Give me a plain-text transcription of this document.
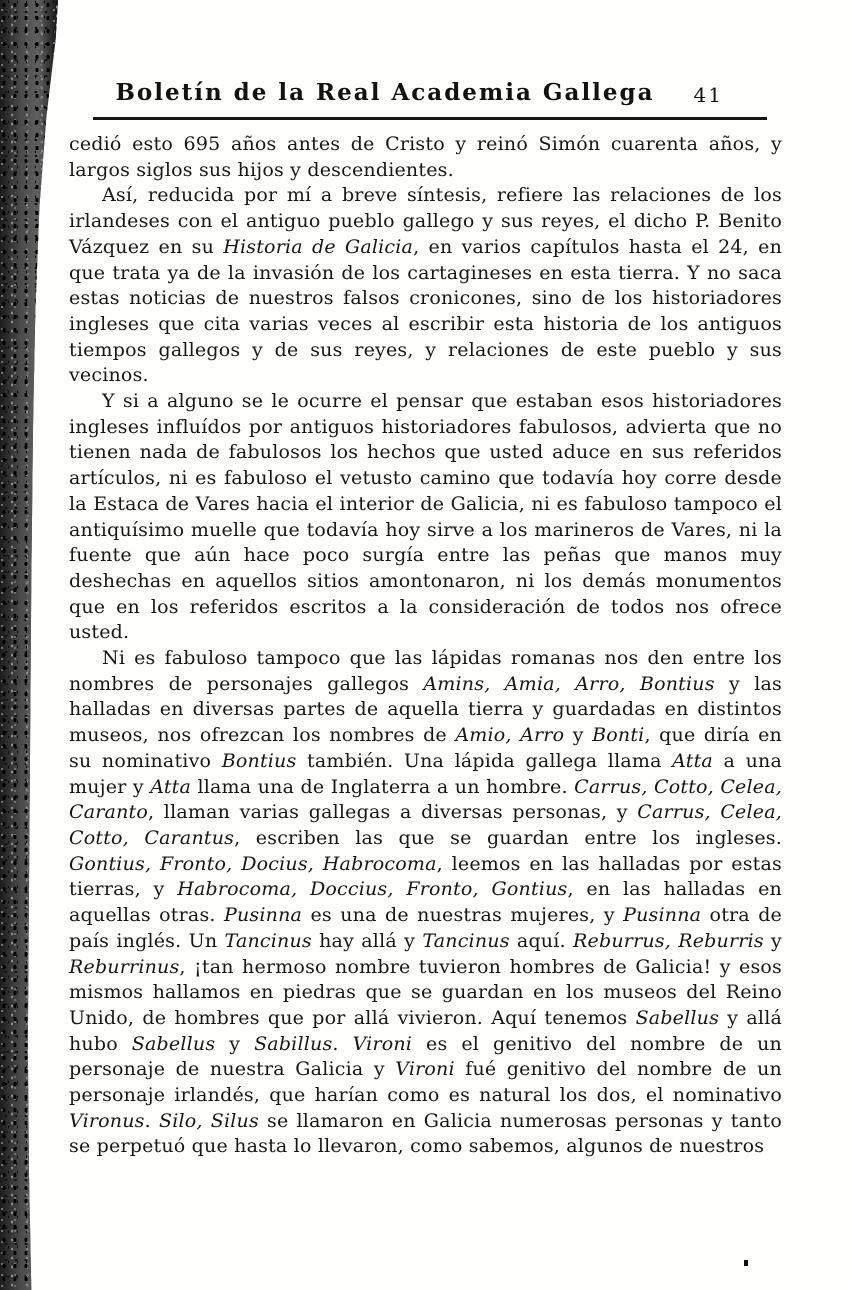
Boletín de la Real Academia Gallega	41

cedió esto 695 años antes de Cristo y reinó Simón cuarenta años, y largos siglos sus hijos y descendientes.

Así, reducida por mí a breve síntesis, refiere las relaciones de los irlandeses con el antiguo pueblo gallego y sus reyes, el dicho P. Benito Vázquez en su Historia de Galicia, en varios capítulos hasta el 24, en que trata ya de la invasión de los cartagineses en esta tierra. Y no saca estas noticias de nuestros falsos cronicones, sino de los historiadores ingleses que cita varias veces al escribir esta historia de los antiguos tiempos gallegos y de sus reyes, y relaciones de este pueblo y sus vecinos.

Y si a alguno se le ocurre el pensar que estaban esos historiadores ingleses influídos por antiguos historiadores fabulosos, advierta que no tienen nada de fabulosos los hechos que usted aduce en sus referidos artículos, ni es fabuloso el vetusto camino que todavía hoy corre desde la Estaca de Vares hacia el interior de Galicia, ni es fabuloso tampoco el antiquísimo muelle que todavía hoy sirve a los marineros de Vares, ni la fuente que aún hace poco surgía entre las peñas que manos muy deshechas en aquellos sitios amontonaron, ni los demás monumentos que en los referidos escritos a la consideración de todos nos ofrece usted.

Ni es fabuloso tampoco que las lápidas romanas nos den entre los nombres de personajes gallegos Amins, Amia, Arro, Bontius y las halladas en diversas partes de aquella tierra y guardadas en distintos museos, nos ofrezcan los nombres de Amio, Arro y Bonti, que diría en su nominativo Bontius también. Una lápida gallega llama Atta a una mujer y Atta llama una de Inglaterra a un hombre. Carrus, Cotto, Celea, Caranto, llaman varias gallegas a diversas personas, y Carrus, Celea, Cotto, Carantus, escriben las que se guardan entre los ingleses. Gontius, Fronto, Docius, Habrocoma, leemos en las halladas por estas tierras, y Habrocoma, Doccius, Fronto, Gontius, en las halladas en aquellas otras. Pusinna es una de nuestras mujeres, y Pusinna otra de país inglés. Un Tancinus hay allá y Tancinus aquí. Reburrus, Reburris y Reburrinus, ¡tan hermoso nombre tuvieron hombres de Galicia! y esos mismos hallamos en piedras que se guardan en los museos del Reino Unido, de hombres que por allá vivieron. Aquí tenemos Sabellus y allá hubo Sabellus y Sabillus. Vironi es el genitivo del nombre de un personaje de nuestra Galicia y Vironi fué genitivo del nombre de un personaje irlandés, que harían como es natural los dos, el nominativo Vironus. Silo, Silus se llamaron en Galicia numerosas personas y tanto se perpetuó que hasta lo llevaron, como sabemos, algunos de nuestros
